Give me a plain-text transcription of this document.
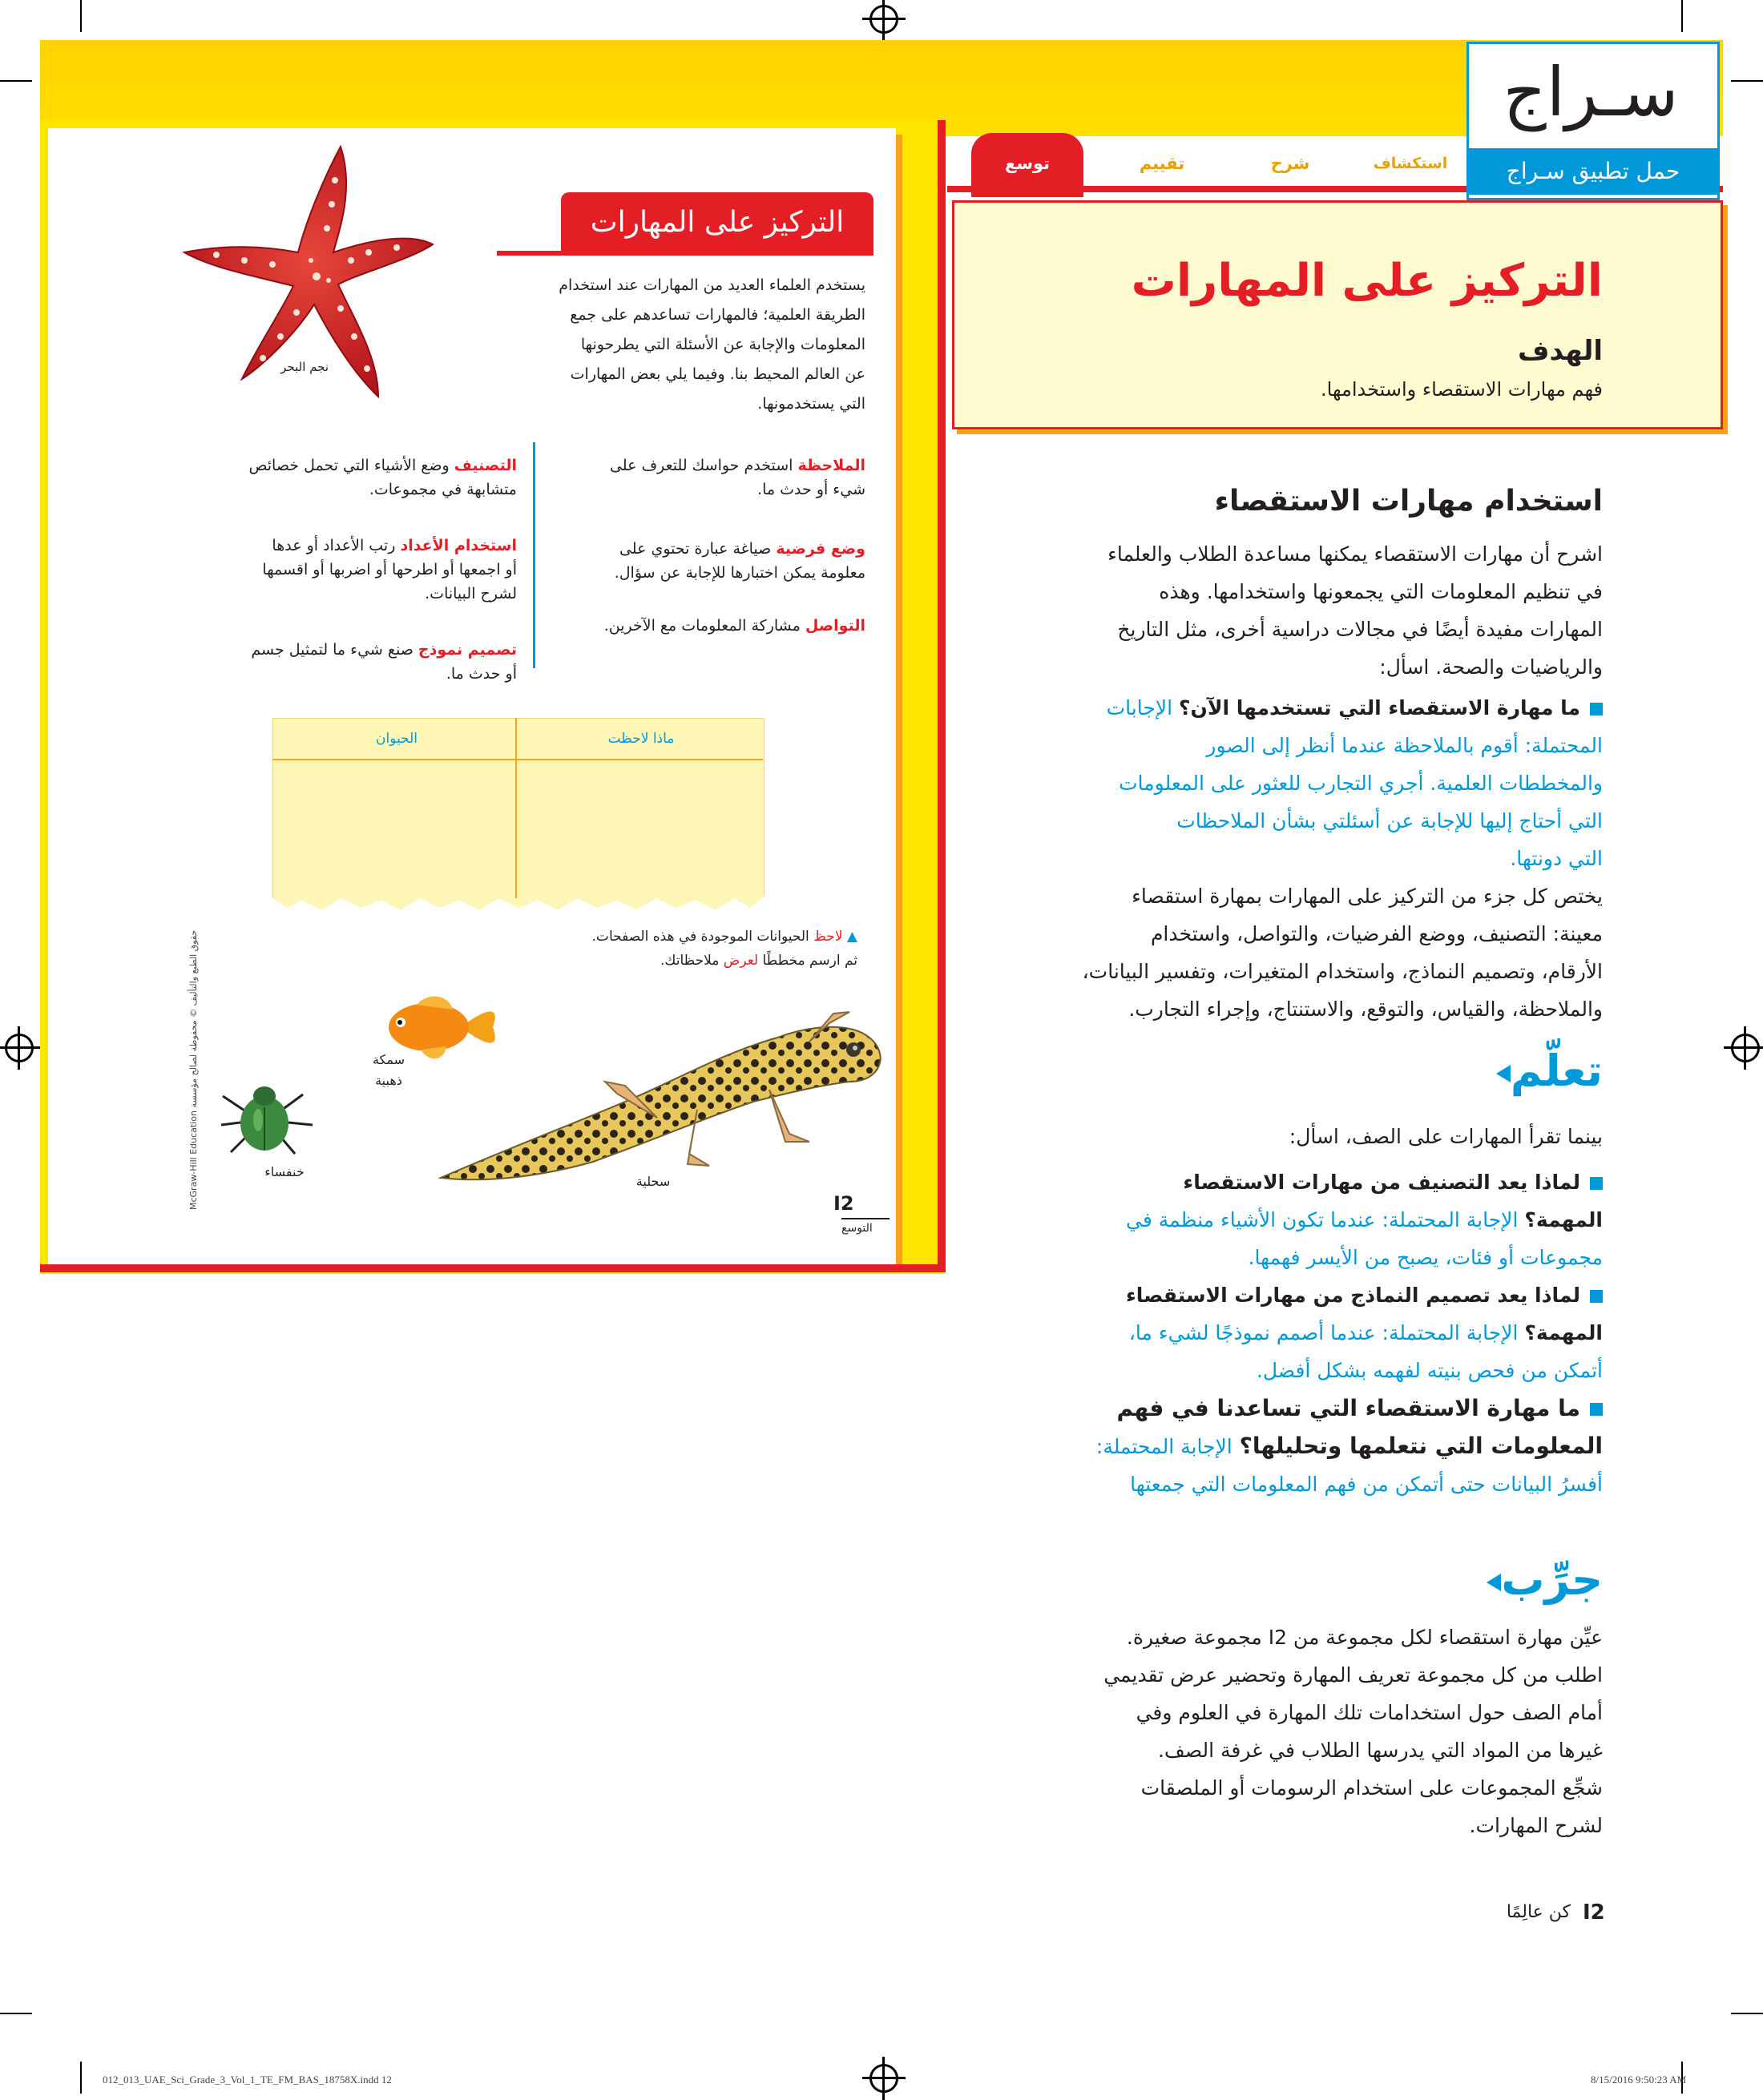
التركيز على المهارات
نجم البحر
يستخدم العلماء العديد من المهارات عند استخدام
الطريقة العلمية؛ فالمهارات تساعدهم على جمع
المعلومات والإجابة عن الأسئلة التي يطرحونها
عن العالم المحيط بنا. وفيما يلي بعض المهارات
التي يستخدمونها.
الملاحظة استخدم حواسك للتعرف على
شيء أو حدث ما.
وضع فرضية صياغة عبارة تحتوي على
معلومة يمكن اختبارها للإجابة عن سؤال.
التواصل مشاركة المعلومات مع الآخرين.
التصنيف وضع الأشياء التي تحمل خصائص
متشابهة في مجموعات.
استخدام الأعداد رتب الأعداد أو عدها
أو اجمعها أو اطرحها أو اضربها أو اقسمها
لشرح البيانات.
تصميم نموذج صنع شيء ما لتمثيل جسم
أو حدث ما.
ماذا لاحظت
الحيوان
▲ لاحظ الحيوانات الموجودة في هذه الصفحات.
ثم ارسم مخططًا لعرض ملاحظاتك.
سمكة
ذهبية
خنفساء
سحلية
I2
التوسع
McGraw-Hill Education حقوق الطبع والتأليف © محفوظة لصالح مؤسسة
توسع	تقييم	شرح	استكشاف
سـراج
حمل تطبيق سـراج
التركيز على المهارات
الهدف
فهم مهارات الاستقصاء واستخدامها.
استخدام مهارات الاستقصاء
اشرح أن مهارات الاستقصاء يمكنها مساعدة الطلاب والعلماء
في تنظيم المعلومات التي يجمعونها واستخدامها. وهذه
المهارات مفيدة أيضًا في مجالات دراسية أخرى، مثل التاريخ
والرياضيات والصحة. اسأل:
ما مهارة الاستقصاء التي تستخدمها الآن؟ الإجابات
المحتملة: أقوم بالملاحظة عندما أنظر إلى الصور
والمخططات العلمية. أجري التجارب للعثور على المعلومات
التي أحتاج إليها للإجابة عن أسئلتي بشأن الملاحظات
التي دونتها.
يختص كل جزء من التركيز على المهارات بمهارة استقصاء
معينة: التصنيف، ووضع الفرضيات، والتواصل، واستخدام
الأرقام، وتصميم النماذج، واستخدام المتغيرات، وتفسير البيانات،
والملاحظة، والقياس، والتوقع، والاستنتاج، وإجراء التجارب.
تعلّم
بينما تقرأ المهارات على الصف، اسأل:
لماذا يعد التصنيف من مهارات الاستقصاء
المهمة؟ الإجابة المحتملة: عندما تكون الأشياء منظمة في
مجموعات أو فئات، يصبح من الأيسر فهمها.
لماذا يعد تصميم النماذج من مهارات الاستقصاء
المهمة؟ الإجابة المحتملة: عندما أصمم نموذجًا لشيء ما،
أتمكن من فحص بنيته لفهمه بشكل أفضل.
ما مهارة الاستقصاء التي تساعدنا في فهم
المعلومات التي نتعلمها وتحليلها؟ الإجابة المحتملة:
أفسرُ البيانات حتى أتمكن من فهم المعلومات التي جمعتها
جرِّب
عيِّن مهارة استقصاء لكل مجموعة من I2 مجموعة صغيرة.
اطلب من كل مجموعة تعريف المهارة وتحضير عرض تقديمي
أمام الصف حول استخدامات تلك المهارة في العلوم وفي
غيرها من المواد التي يدرسها الطلاب في غرفة الصف.
شجِّع المجموعات على استخدام الرسومات أو الملصقات
لشرح المهارات.
I2
كن عالِمًا
012_013_UAE_Sci_Grade_3_Vol_1_TE_FM_BAS_18758X.indd 12	8/15/2016 9:50:23 AM
